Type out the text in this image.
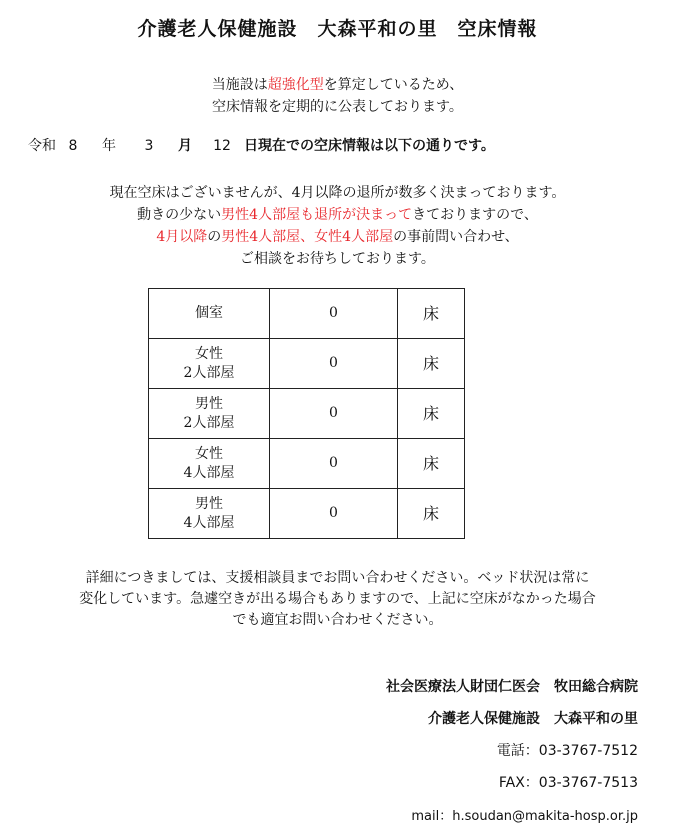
介護老人保健施設　大森平和の里　空床情報
当施設は超強化型を算定しているため、
空床情報を定期的に公表しております。
令和 8 年 3 月 12 日現在での空床情報は以下の通りです。
現在空床はございませんが、4月以降の退所が数多く決まっております。
動きの少ない男性4人部屋も退所が決まってきておりますので、
4月以降の男性4人部屋、女性4人部屋の事前問い合わせ、
ご相談をお待ちしております。
個室	0	床

女性
2人部屋	0	床

男性
2人部屋	0	床

女性
4人部屋	0	床

男性
4人部屋	0	床
詳細につきましては、支援相談員までお問い合わせください。ベッド状況は常に
変化しています。急遽空きが出る場合もありますので、上記に空床がなかった場合
でも適宜お問い合わせください。
社会医療法人財団仁医会　牧田総合病院
介護老人保健施設　大森平和の里
電話：03-3767-7512
FAX：03-3767-7513
mail：h.soudan@makita-hosp.or.jp
